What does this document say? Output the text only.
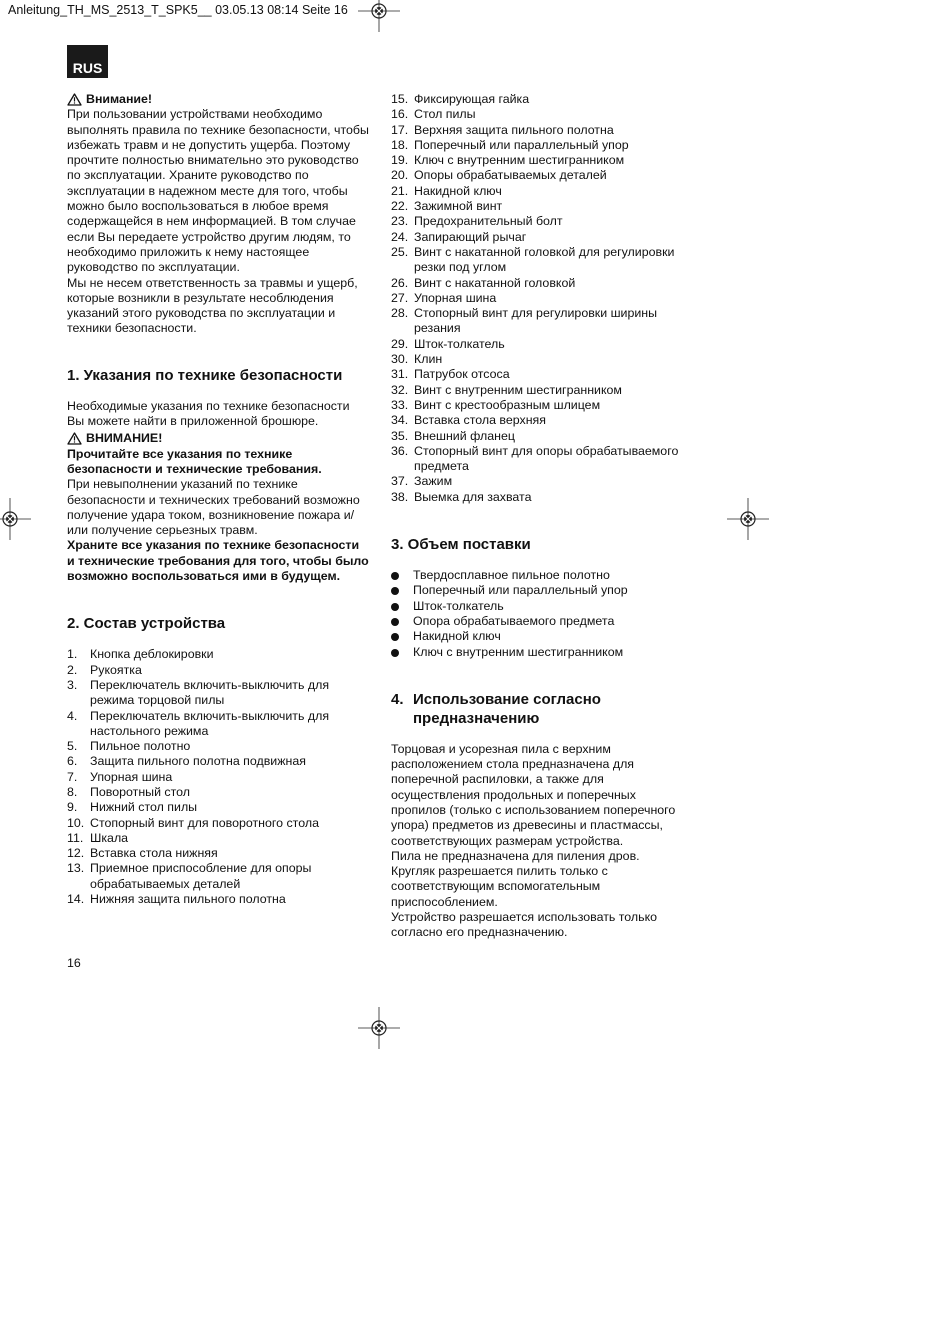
Anleitung_TH_MS_2513_T_SPK5__ 03.05.13 08:14 Seite 16
RUS
Внимание!

При пользовании устройствами необходимо выполнять правила по технике безопасности, чтобы избежать травм и не допустить ущерба. Поэтому прочтите полностью внимательно это руководство по эксплуатации. Храните руководство по эксплуатации в надежном месте для того, чтобы можно было воспользоваться в любое время содержащейся в нем информацией. В том случае если Вы передаете устройство другим людям, то необходимо приложить к нему настоящее руководство по эксплуатации.

Мы не несем ответственность за травмы и ущерб, которые возникли в результате несоблюдения указаний этого руководства по эксплуатации и техники безопасности.

1. Указания по технике безопасности

Необходимые указания по технике безопасности Вы можете найти в приложенной брошюре.

ВНИМАНИЕ!

Прочитайте все указания по технике безопасности и технические требования.

При невыполнении указаний по технике безопасности и технических требований возможно получение удара током, возникновение пожара и/или получение серьезных травм.

Храните все указания по технике безопасности и технические требования для того, чтобы было возможно воспользоваться ими в будущем.

2. Состав устройства
1.	Кнопка деблокировки
2.	Рукоятка
3.	Переключатель включить-выключить для режима торцовой пилы
4.	Переключатель включить-выключить для настольного режима
5.	Пильное полотно
6.	Защита пильного полотна подвижная
7.	Упорная шина
8.	Поворотный стол
9.	Нижний стол пилы
10. Стопорный винт для поворотного стола
11. Шкала
12. Вставка стола нижняя
13. Приемное приспособление для опоры обрабатываемых деталей
14. Нижняя защита пильного полотна
15. Фиксирующая гайка
16. Стол пилы
17. Верхняя защита пильного полотна
18. Поперечный или параллельный упор
19. Ключ с внутренним шестигранником
20. Опоры обрабатываемых деталей
21. Накидной ключ
22. Зажимной винт
23. Предохранительный болт
24. Запирающий рычаг
25. Винт с накатанной головкой для регулировки резки под углом
26. Винт с накатанной головкой
27. Упорная шина
28. Стопорный винт для регулировки ширины резания
29. Шток-толкатель
30. Клин
31. Патрубок отсоса
32. Винт с внутренним шестигранником
33. Винт с крестообразным шлицем
34. Вставка стола верхняя
35. Внешний фланец
36. Стопорный винт для опоры обрабатываемого предмета
37. Зажим
38. Выемка для захвата
3. Объем поставки
Твердосплавное пильное полотно
Поперечный или параллельный упор
Шток-толкатель
Опора обрабатываемого предмета
Накидной ключ
Ключ с внутренним шестигранником
4. Использование согласно предназначению

Торцовая и усорезная пила с верхним расположением стола предназначена для поперечной распиловки, а также для осуществления продольных и поперечных пропилов (только с использованием поперечного упора) предметов из древесины и пластмассы, соответствующих размерам устройства.

Пила не предназначена для пиления дров.

Кругляк разрешается пилить только с соответствующим вспомогательным приспособлением.

Устройство разрешается использовать только согласно его предназначению.

16
